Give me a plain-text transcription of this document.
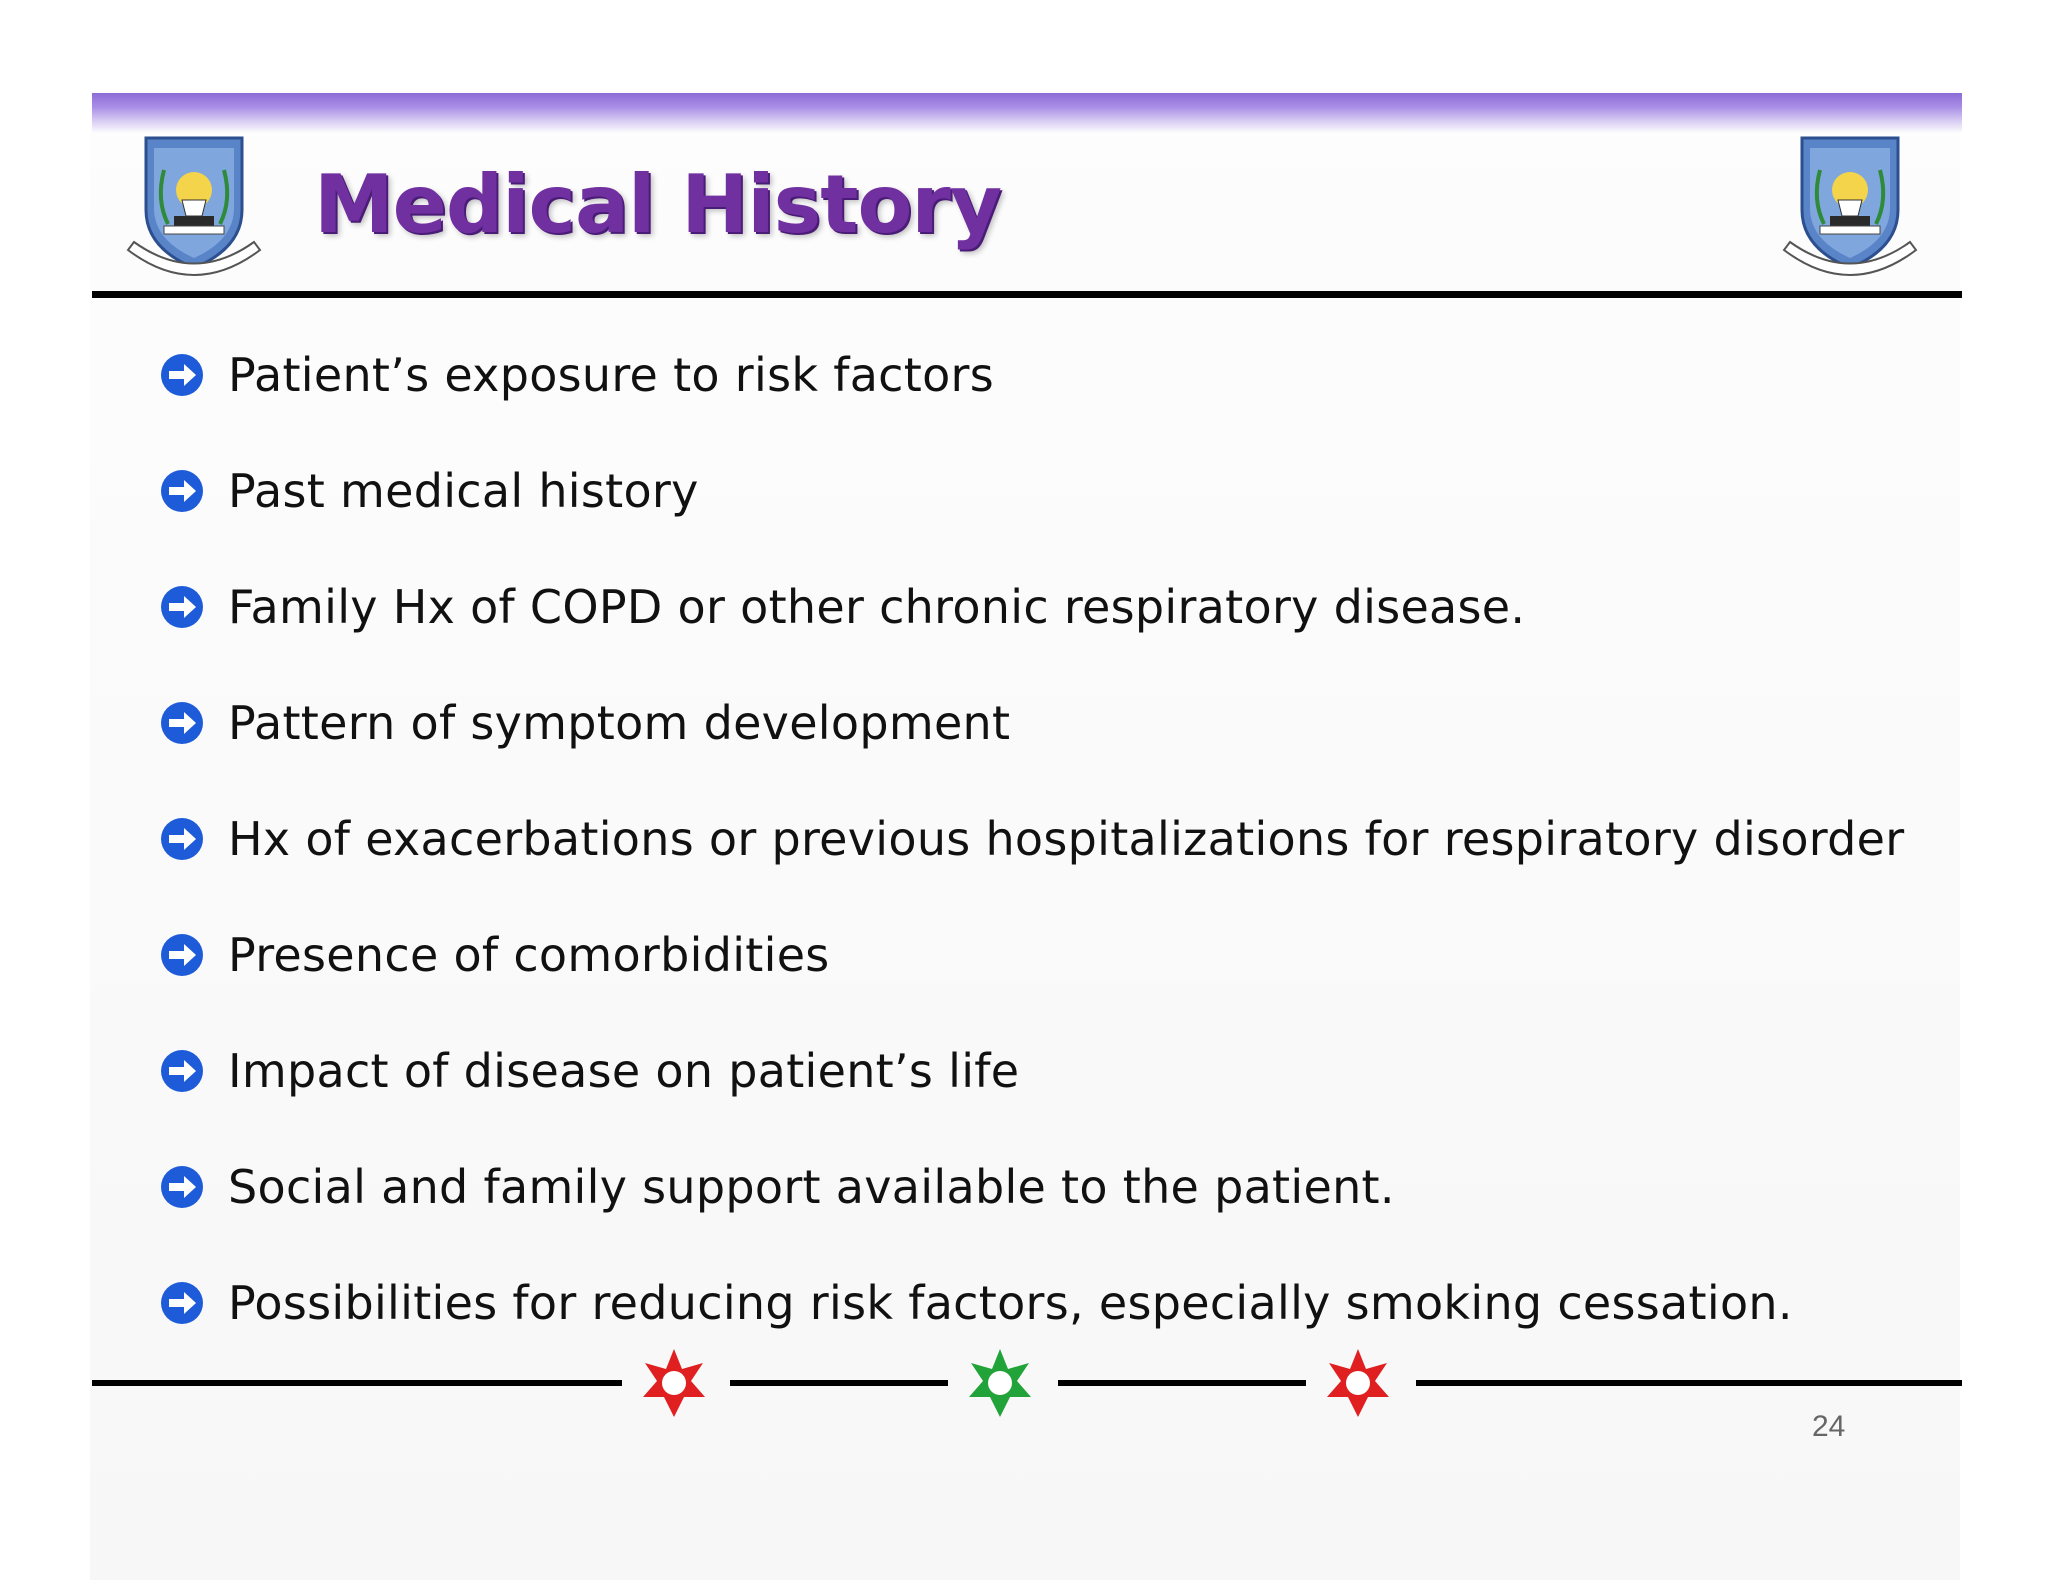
Medical History
Patient’s exposure to risk factors
Past medical history
Family Hx of COPD or other chronic respiratory disease.
Pattern of symptom development
Hx of exacerbations or previous hospitalizations for respiratory disorder
Presence of comorbidities
Impact of disease on patient’s life
Social and family support available to the patient.
Possibilities for reducing risk factors, especially smoking cessation.
24
